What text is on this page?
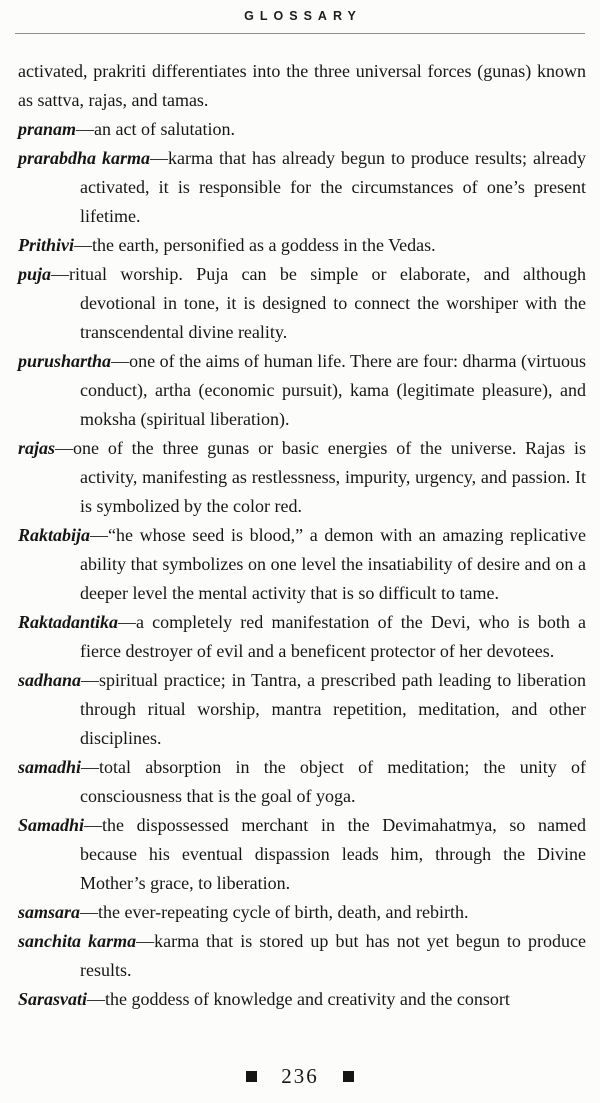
GLOSSARY

activated, prakriti differentiates into the three universal forces (gunas) known as sattva, rajas, and tamas.

pranam—an act of salutation.

prarabdha karma—karma that has already begun to produce results; already activated, it is responsible for the circumstances of one’s present lifetime.

Prithivi—the earth, personified as a goddess in the Vedas.

puja—ritual worship. Puja can be simple or elaborate, and although devotional in tone, it is designed to connect the worshiper with the transcendental divine reality.

purushartha—one of the aims of human life. There are four: dharma (virtuous conduct), artha (economic pursuit), kama (legitimate pleasure), and moksha (spiritual liberation).

rajas—one of the three gunas or basic energies of the universe. Rajas is activity, manifesting as restlessness, impurity, urgency, and passion. It is symbolized by the color red.

Raktabija—“he whose seed is blood,” a demon with an amazing replicative ability that symbolizes on one level the insatiability of desire and on a deeper level the mental activity that is so difficult to tame.

Raktadantika—a completely red manifestation of the Devi, who is both a fierce destroyer of evil and a beneficent protector of her devotees.

sadhana—spiritual practice; in Tantra, a prescribed path leading to liberation through ritual worship, mantra repetition, meditation, and other disciplines.

samadhi—total absorption in the object of meditation; the unity of consciousness that is the goal of yoga.

Samadhi—the dispossessed merchant in the Devimahatmya, so named because his eventual dispassion leads him, through the Divine Mother’s grace, to liberation.

samsara—the ever-repeating cycle of birth, death, and rebirth.

sanchita karma—karma that is stored up but has not yet begun to produce results.

Sarasvati—the goddess of knowledge and creativity and the consort

236
